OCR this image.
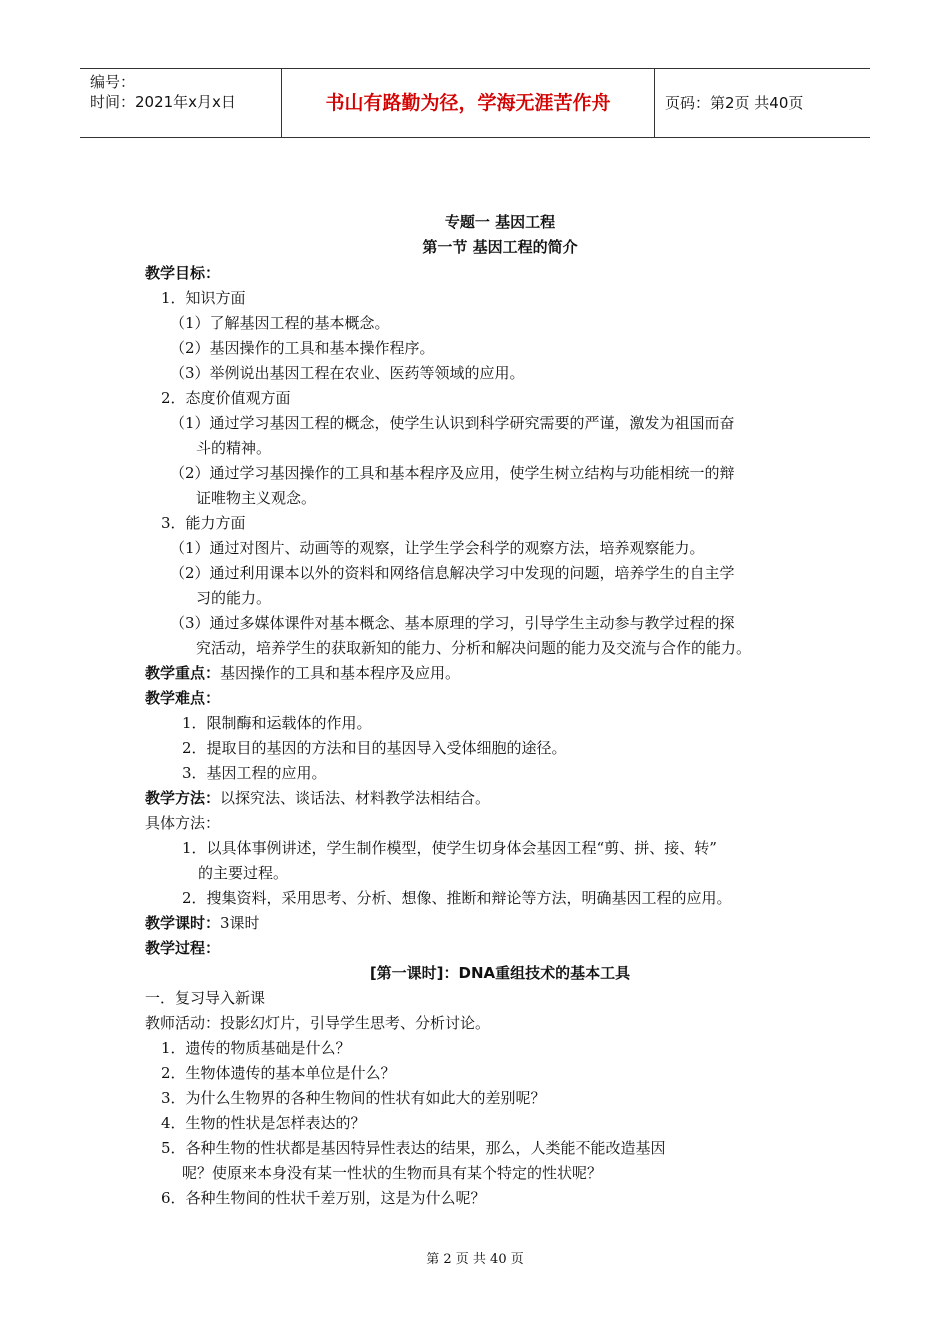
编号：
时间：2021年x月x日	书山有路勤为径，学海无涯苦作舟	页码：第2页 共40页
专题一 基因工程
第一节 基因工程的简介
教学目标：
1．知识方面
（1）了解基因工程的基本概念。
（2）基因操作的工具和基本操作程序。
（3）举例说出基因工程在农业、医药等领域的应用。
2．态度价值观方面
（1）通过学习基因工程的概念，使学生认识到科学研究需要的严谨，激发为祖国而奋
斗的精神。
（2）通过学习基因操作的工具和基本程序及应用，使学生树立结构与功能相统一的辩
证唯物主义观念。
3．能力方面
（1）通过对图片、动画等的观察，让学生学会科学的观察方法，培养观察能力。
（2）通过利用课本以外的资料和网络信息解决学习中发现的问题，培养学生的自主学
习的能力。
（3）通过多媒体课件对基本概念、基本原理的学习，引导学生主动参与教学过程的探
究活动，培养学生的获取新知的能力、分析和解决问题的能力及交流与合作的能力。
教学重点：基因操作的工具和基本程序及应用。
教学难点：
1．限制酶和运载体的作用。
2．提取目的基因的方法和目的基因导入受体细胞的途径。
3．基因工程的应用。
教学方法：以探究法、谈话法、材料教学法相结合。
具体方法：
1．以具体事例讲述，学生制作模型，使学生切身体会基因工程“剪、拼、接、转”
的主要过程。
2．搜集资料，采用思考、分析、想像、推断和辩论等方法，明确基因工程的应用。
教学课时：3课时
教学过程：
[第一课时]：DNA重组技术的基本工具
一．复习导入新课
教师活动：投影幻灯片，引导学生思考、分析讨论。
1．遗传的物质基础是什么？
2．生物体遗传的基本单位是什么？
3．为什么生物界的各种生物间的性状有如此大的差别呢？
4．生物的性状是怎样表达的？
5．各种生物的性状都是基因特异性表达的结果，那么，人类能不能改造基因
呢？使原来本身没有某一性状的生物而具有某个特定的性状呢？
6．各种生物间的性状千差万别，这是为什么呢？
第 2 页 共 40 页
